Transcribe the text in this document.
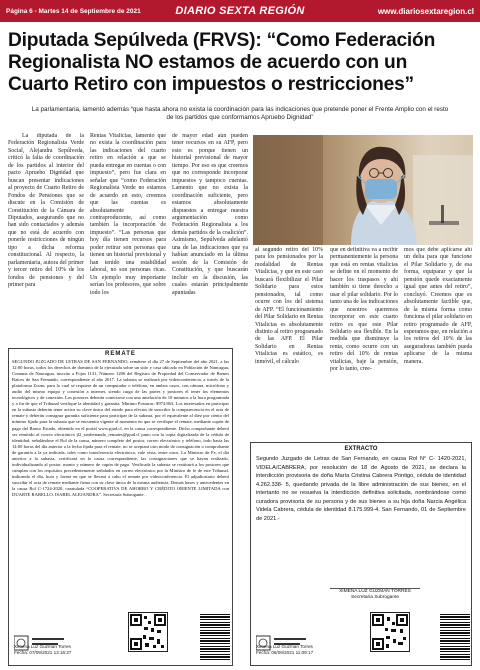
Página 6 - Martes 14 de Septiembre de 2021	DIARIO SEXTA REGIÓN	www.diariosextaregion.cl
Diputada Sepúlveda (FRVS): “Como Federación Regionalista NO estamos de acuerdo con un Cuarto Retiro con impuestos o restricciones”

La parlamentaria, lamentó además “que hasta ahora no exista la coordinación para las indicaciones que pretende poner el Frente Amplio con el resto de los partidos que conformamos Apruebo Dignidad”

La diputada de la Federación Regionalista Verde Social, Alejandra Sepúlveda, criticó la falta de coordinación de los partidos al interior del pacto Apruebo Dignidad que buscan presentar indicaciones al proyecto de Cuarto Retiro de Fondos de Pensiones que se discute en la Comisión de Constitución de la Cámara de Diputados, asegurando que no han sido contactados y además que no está de acuerdo con ponerle restricciones de ningún tipo a dicha reforma constitucional. Al respecto, la parlamentaria, autora del primer y tercer retiro del 10% de los fondos de pensiones y del primer para

Rentas Vitalicias, lamentó que no exista la coordinación para las indicaciones del cuarto retiro en relación a que se pueda entregar en cuentas o con impuesto”, pero fue clara en señalar que “como Federación Regionalista Verde no estamos de acuerdo en esto, creemos que las cuentas es absolutamente contraproducente, así como también la incorporación de impuesto”. “Las personas que hoy día tienen recursos para poder retirar son personas que tienen un historial previsional y han tenido una estabilidad laboral, no son personas ricas. Un ejemplo muy importante serían los profesores, que sobre todo los

de mayor edad aún pueden tener recursos en su AFP, pero esto es porque tienen un historial previsional de mayor tiempo. Por eso es que creemos que no corresponde incorporar impuestos y tampoco cuentas. Lamento que no exista la coordinación suficiente, pero estamos absolutamente dispuestos a entregar nuestra argumentación como Federación Regionalista a los demás partidos de la coalición”. Asimismo, Sepúlveda adelantó una de las indicaciones que ya habían anunciado en la última sesión de la Comisión de Constitución, y que buscarán incluir en la discusión, las cuales estarán principalmente apuntadas

al segundo retiro del 10% para los pensionados por la modalidad de Rentas Vitalicias, y que en este caso buscará flexibilizar el Pilar Solidario para estos pensionados, tal como ocurre con los del sistema de AFP. “El funcionamiento del Pilar Solidario en Rentas Vitalicias es absolutamente distinto al retiro programado de las AFP. El Pilar Solidario en Rentas Vitalicias es estático, es inmóvil, el cálculo

que en definitiva va a recibir permanentemente la persona que está en rentas vitalicias se define en el momento de hacer los traspasos y ahí también si tiene derecho a usar el pilar solidario. Por lo tanto una de las indicaciones que nosotros queremos incorporar en este cuarto retiro es que este Pilar Solidario sea flexible. En la medida que disminuye la renta, como ocurre con un retiro del 10% de rentas vitalicias, baje la pensión, por lo tanto, cree-

mos que debe aplicarse ahí un delta para que funcione el Pilar Solidario y, de esa forma, equiparar y que la pensión quede exactamente igual que antes del retiro”, concluyó. Creemos que es absolutamente factible que, de la misma forma como funciona el pilar solidario en retiro programado de AFP, esperamos que, en relación a los retiros del 10% de las aseguradoras también pueda aplicarse de la misma manera.

REMATE
SEGUNDO JUZGADO DE LETRAS DE SAN FERNANDO, remátese el día 27 de Septiembre del año 2021, a las 12:00 horas, todos los derechos de dominio de la ejecutada sobre un sitio y casa ubicado en Población de Nancagua, Comuna de Nancagua, inscrito a Fojas 1131, Número 1206 del Registro de Propiedad del Conservador de Bienes Raíces de San Fernando, correspondiente al año 2017. La subasta se realizará por videoconferencia, a través de la plataforma Zoom, para lo cual se requiere de un computador o teléfono, en ambos casos, con cámara, micrófono y audio del mismo equipo y conexión a internet, siendo carga de las partes y postores el tener los elementos tecnológicos y de conexión. Los postores deberán conectarse con una antelación de 10 minutos a la hora programada y a fin de que el Tribunal verifique la identidad y garantía. Mínimo Posturas: $974.863. Los interesados en participar en la subasta deberán tener activa su clave única del estado para efectos de suscribir la comparecencia en el acta de remate y deberán consignar garantía suficiente para participar de la subasta, por el equivalente al diez por ciento del mínimo fijado para la subasta que se encuentra vigente al momento en que se verifique el remate, mediante cupón de pago del Banco Estado, obtenido en el portal www.pjud.cl, en la causa correspondiente. Dicho comprobante deberá ser remitido al correo electrónico jl2_sanfernando_remates@pjud.cl junto con la copia digitalizada de la cédula de identidad, señalándose el Rol de la causa, número completo del postor, correo electrónico y teléfono, todo hasta las 14:00 horas del día anterior a la fecha fijada para el remate, no se aceptará otro modo de consignación o comprobante de garantía a la ya indicada, tales como transferencia electrónica, vale vista, entre otros. La Ministro de Fe, el día anterior a la subasta, certificará en la causa correspondiente, las consignaciones que se hayan realizado, individualizando al postor, monto y número de cupón de pago. Verificada la subasta se restituirá a los postores que cumplan con los requisitos precedentemente señalados en correo electrónico por la Ministro de fe de este Tribunal, indicando el día, hora y forma en que se llevará a cabo el remate por videoconferencia. El adjudicatario deberá suscribir el acta de remate mediante firma con su clave única de la misma audiencia. Demás bases y antecedentes en la causa Rol C-1724-2020, caratulada “COOPERATIVA DE AHORRO Y CRÉDITO ORIENTE LIMITADA con DUARTE RABELLO, ISABEL ALEJANDRA”. Secretaría Subrogante.
Ximena Luz Guzman Torres
Fecha: 07/09/2021 13:16:27
EXTRACTO
Segundo Juzgado de Letras de San Fernando, en causa Rol N° C- 1420-2021, VIDELA/CABRERA, por resolución de 18 de Agosto de 2021, se declara la interdicción provisoria de doña María Cristina Cabrera Pontigo, cédula de identidad 4.262.338- 5, quedando privada de la libre administración de sus bienes, en el intertanto no se resuelva la interdicción definitiva solicitada, nombrándose como curadora provisoria de su persona y de sus bienes a su hija doña Narcia Angélica Videla Cabrera, cédula de identidad 8.175.999-4. San Fernando, 01 de Septiembre de 2021.-
XIMENA LUZ GUZMAN TORRES
Secretaria Subrogante
Ximena Luz Guzman Torres
Fecha: 06/09/2021 11:09:17
